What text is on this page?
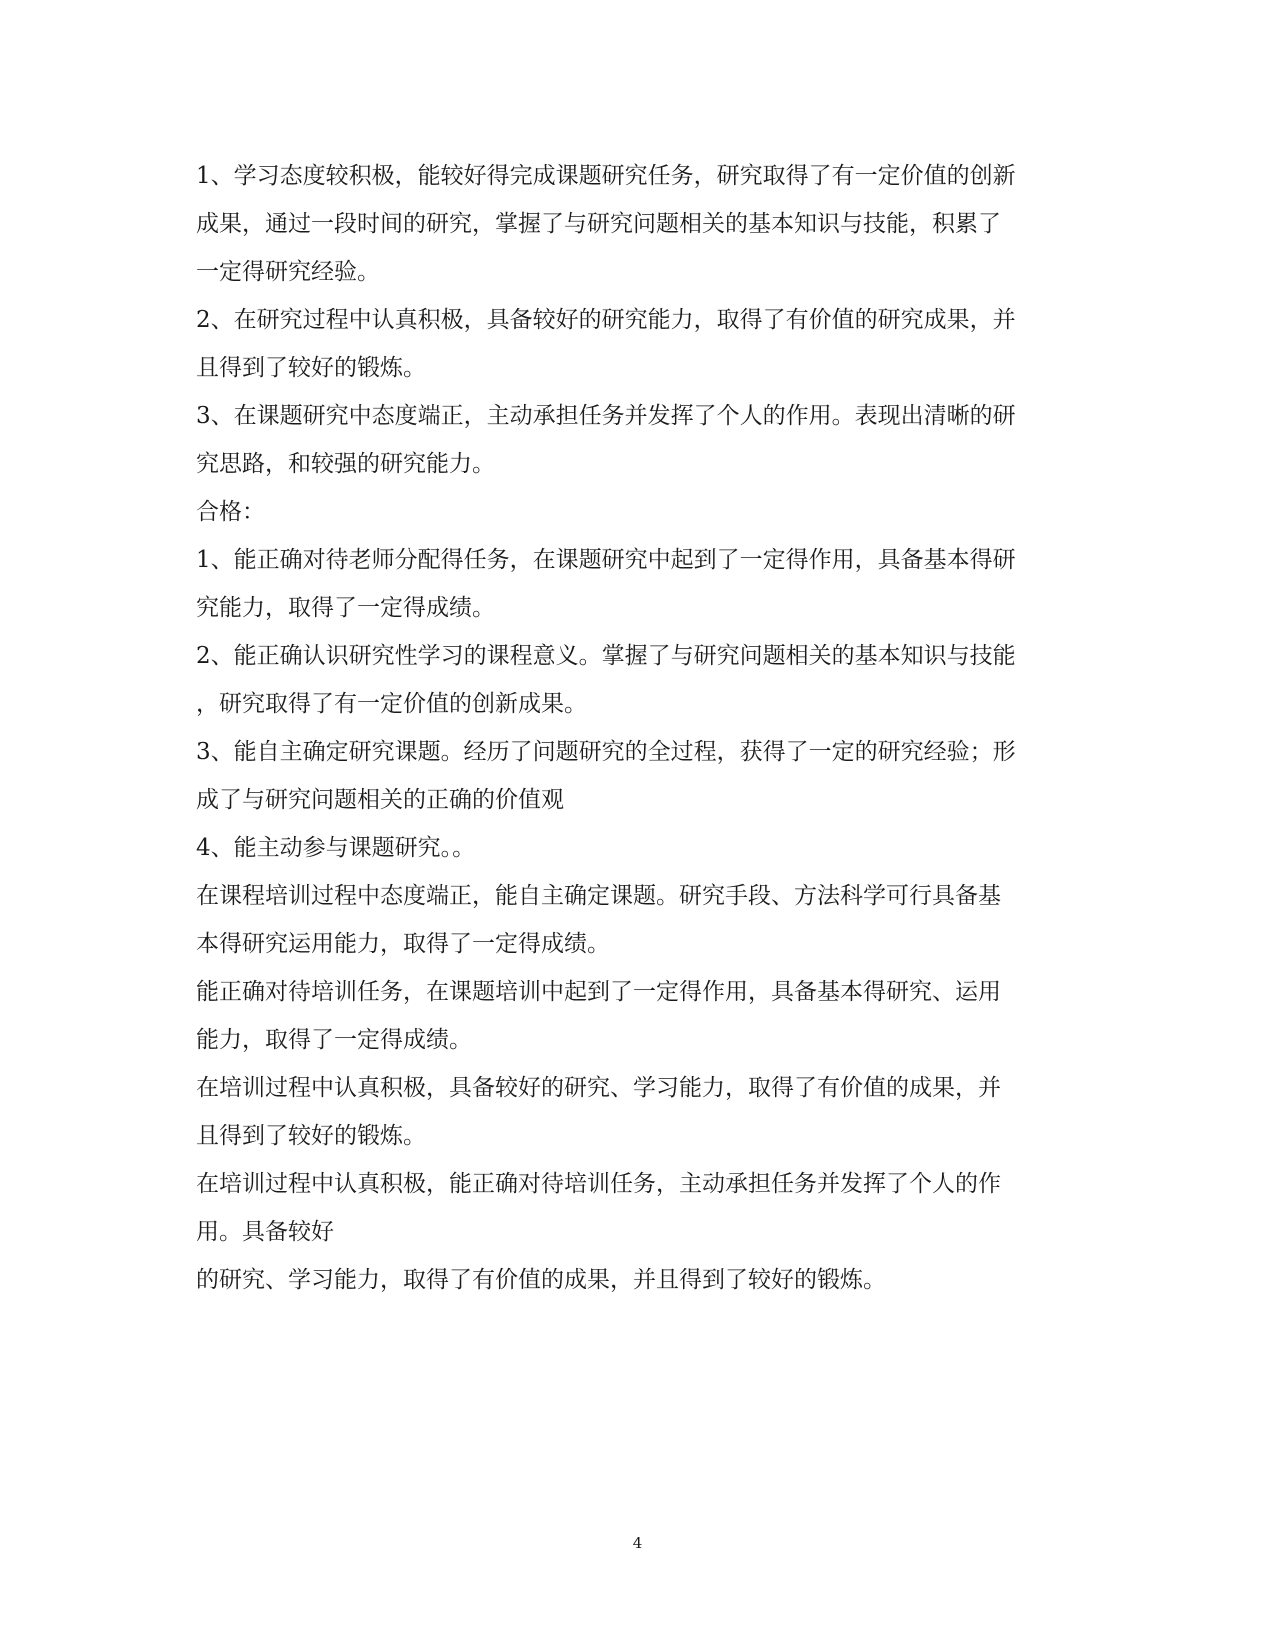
1、学习态度较积极，能较好得完成课题研究任务，研究取得了有一定价值的创新
成果，通过一段时间的研究，掌握了与研究问题相关的基本知识与技能，积累了
一定得研究经验。
2、在研究过程中认真积极，具备较好的研究能力，取得了有价值的研究成果，并
且得到了较好的锻炼。
3、在课题研究中态度端正，主动承担任务并发挥了个人的作用。表现出清晰的研
究思路，和较强的研究能力。
合格：
1、能正确对待老师分配得任务，在课题研究中起到了一定得作用，具备基本得研
究能力，取得了一定得成绩。
2、能正确认识研究性学习的课程意义。掌握了与研究问题相关的基本知识与技能
，研究取得了有一定价值的创新成果。
3、能自主确定研究课题。经历了问题研究的全过程，获得了一定的研究经验；形
成了与研究问题相关的正确的价值观
4、能主动参与课题研究。。
在课程培训过程中态度端正，能自主确定课题。研究手段、方法科学可行具备基
本得研究运用能力，取得了一定得成绩。
能正确对待培训任务，在课题培训中起到了一定得作用，具备基本得研究、运用
能力，取得了一定得成绩。
在培训过程中认真积极，具备较好的研究、学习能力，取得了有价值的成果，并
且得到了较好的锻炼。
在培训过程中认真积极，能正确对待培训任务，主动承担任务并发挥了个人的作
用。具备较好
的研究、学习能力，取得了有价值的成果，并且得到了较好的锻炼。
4
